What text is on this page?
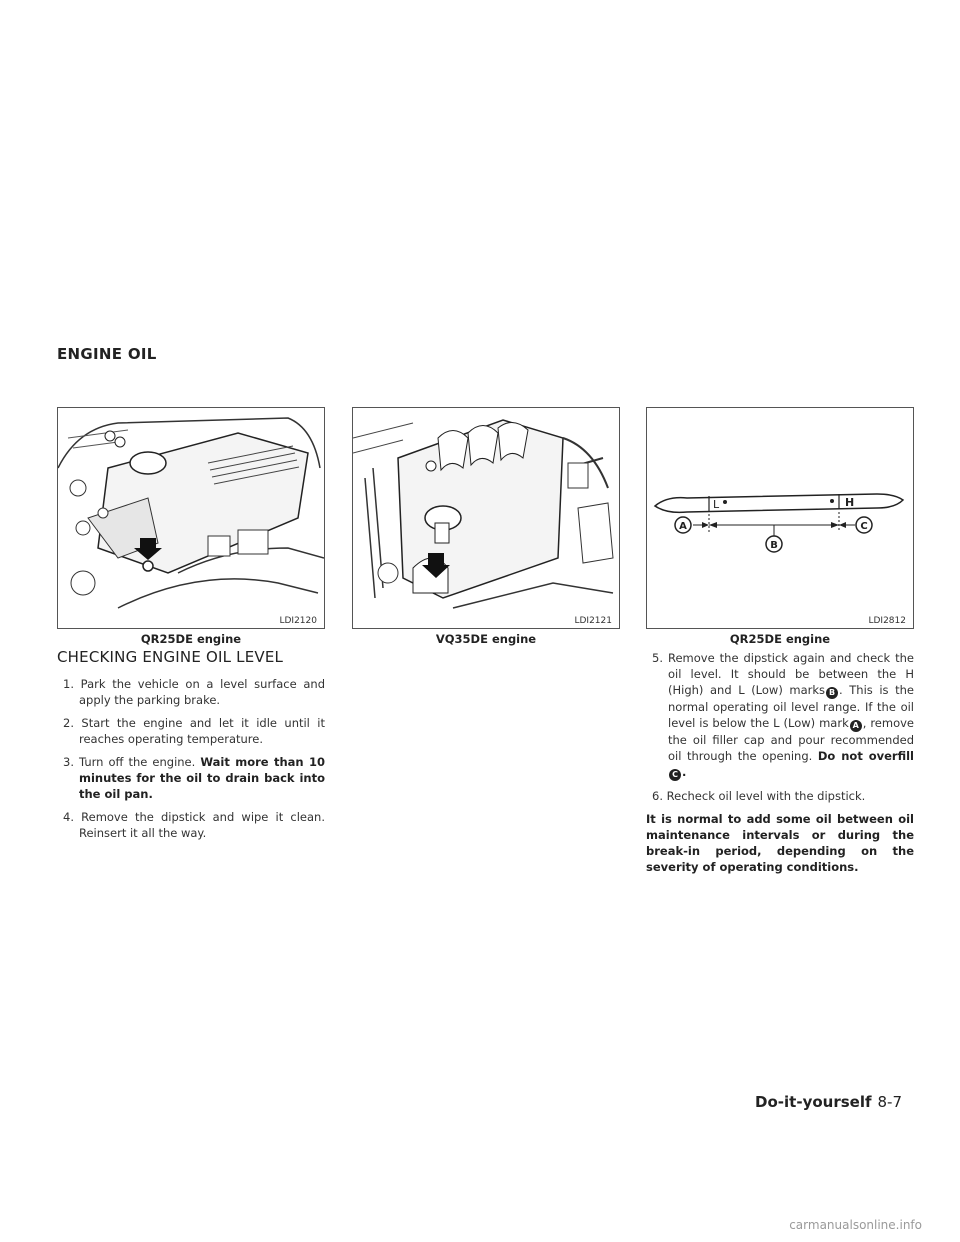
ENGINE OIL
LDI2120
QR25DE engine
LDI2121
VQ35DE engine
L	H
A
B
C
LDI2812
QR25DE engine
CHECKING ENGINE OIL LEVEL

1. Park the vehicle on a level surface and apply the parking brake.

2. Start the engine and let it idle until it reaches operating temperature.

3. Turn off the engine. Wait more than 10 minutes for the oil to drain back into the oil pan.

4. Remove the dipstick and wipe it clean. Reinsert it all the way.

5. Remove the dipstick again and check the oil level. It should be between the H (High) and L (Low) marks B . This is the normal operating oil level range. If the oil level is below the L (Low) mark A , remove the oil filler cap and pour recommended oil through the opening. Do not overfillC .

6. Recheck oil level with the dipstick.

It is normal to add some oil between oil maintenance intervals or during the break-in period, depending on the severity of operating conditions.

Do-it-yourself 8-7
carmanualsonline.info
